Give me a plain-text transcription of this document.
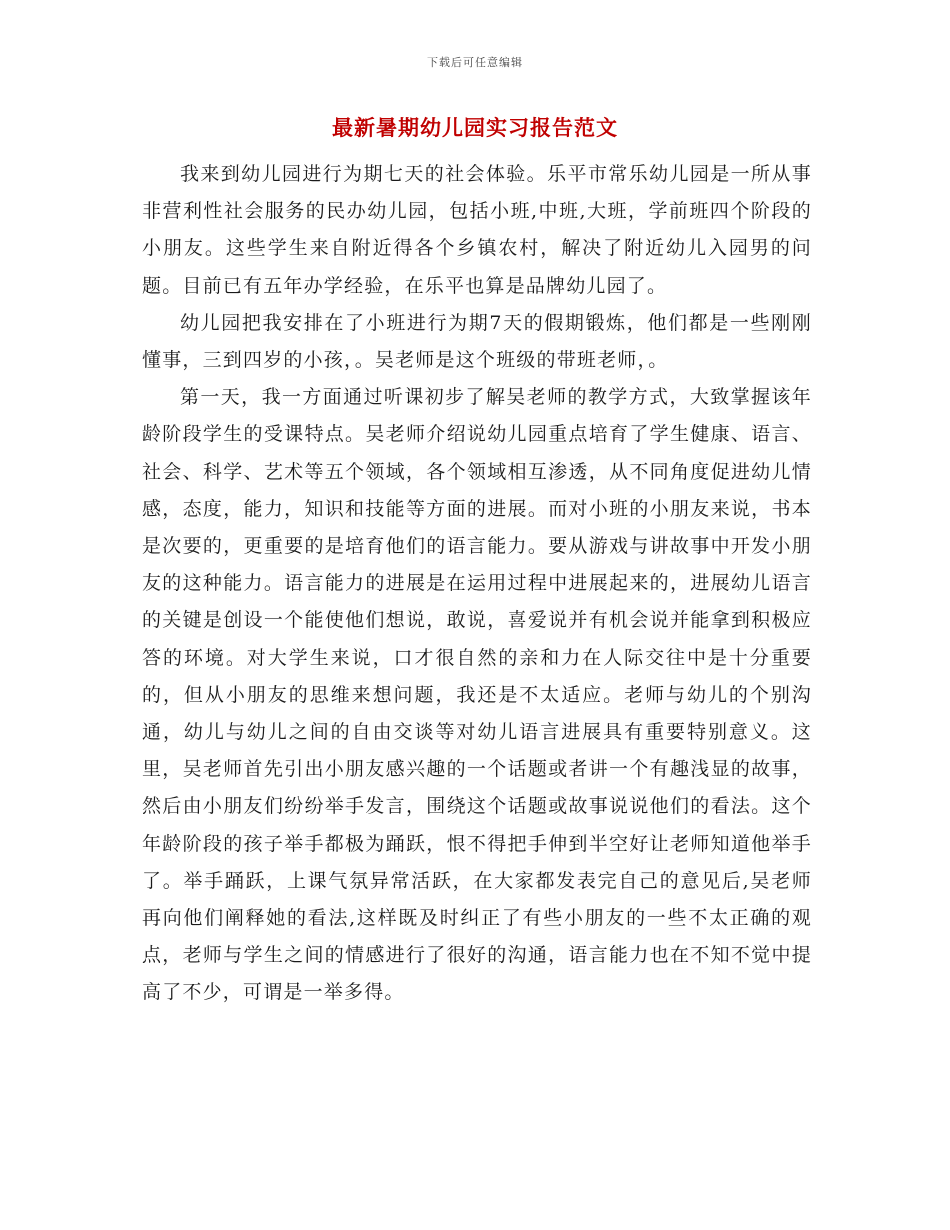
下载后可任意编辑
最新暑期幼儿园实习报告范文

我来到幼儿园进行为期七天的社会体验。乐平市常乐幼儿园是一所从事非营利性社会服务的民办幼儿园，包括小班,中班,大班，学前班四个阶段的小朋友。这些学生来自附近得各个乡镇农村，解决了附近幼儿入园男的问题。目前已有五年办学经验，在乐平也算是品牌幼儿园了。

幼儿园把我安排在了小班进行为期7天的假期锻炼，他们都是一些刚刚懂事，三到四岁的小孩，。吴老师是这个班级的带班老师，。

第一天，我一方面通过听课初步了解吴老师的教学方式，大致掌握该年龄阶段学生的受课特点。吴老师介绍说幼儿园重点培育了学生健康、语言、社会、科学、艺术等五个领域，各个领域相互渗透，从不同角度促进幼儿情感，态度，能力，知识和技能等方面的进展。而对小班的小朋友来说，书本是次要的，更重要的是培育他们的语言能力。要从游戏与讲故事中开发小朋友的这种能力。语言能力的进展是在运用过程中进展起来的，进展幼儿语言的关键是创设一个能使他们想说，敢说，喜爱说并有机会说并能拿到积极应答的环境。对大学生来说，口才很自然的亲和力在人际交往中是十分重要的，但从小朋友的思维来想问题，我还是不太适应。老师与幼儿的个别沟通，幼儿与幼儿之间的自由交谈等对幼儿语言进展具有重要特别意义。这里，吴老师首先引出小朋友感兴趣的一个话题或者讲一个有趣浅显的故事，然后由小朋友们纷纷举手发言，围绕这个话题或故事说说他们的看法。这个年龄阶段的孩子举手都极为踊跃，恨不得把手伸到半空好让老师知道他举手了。举手踊跃，上课气氛异常活跃，在大家都发表完自己的意见后,吴老师再向他们阐释她的看法,这样既及时纠正了有些小朋友的一些不太正确的观点，老师与学生之间的情感进行了很好的沟通，语言能力也在不知不觉中提高了不少，可谓是一举多得。
